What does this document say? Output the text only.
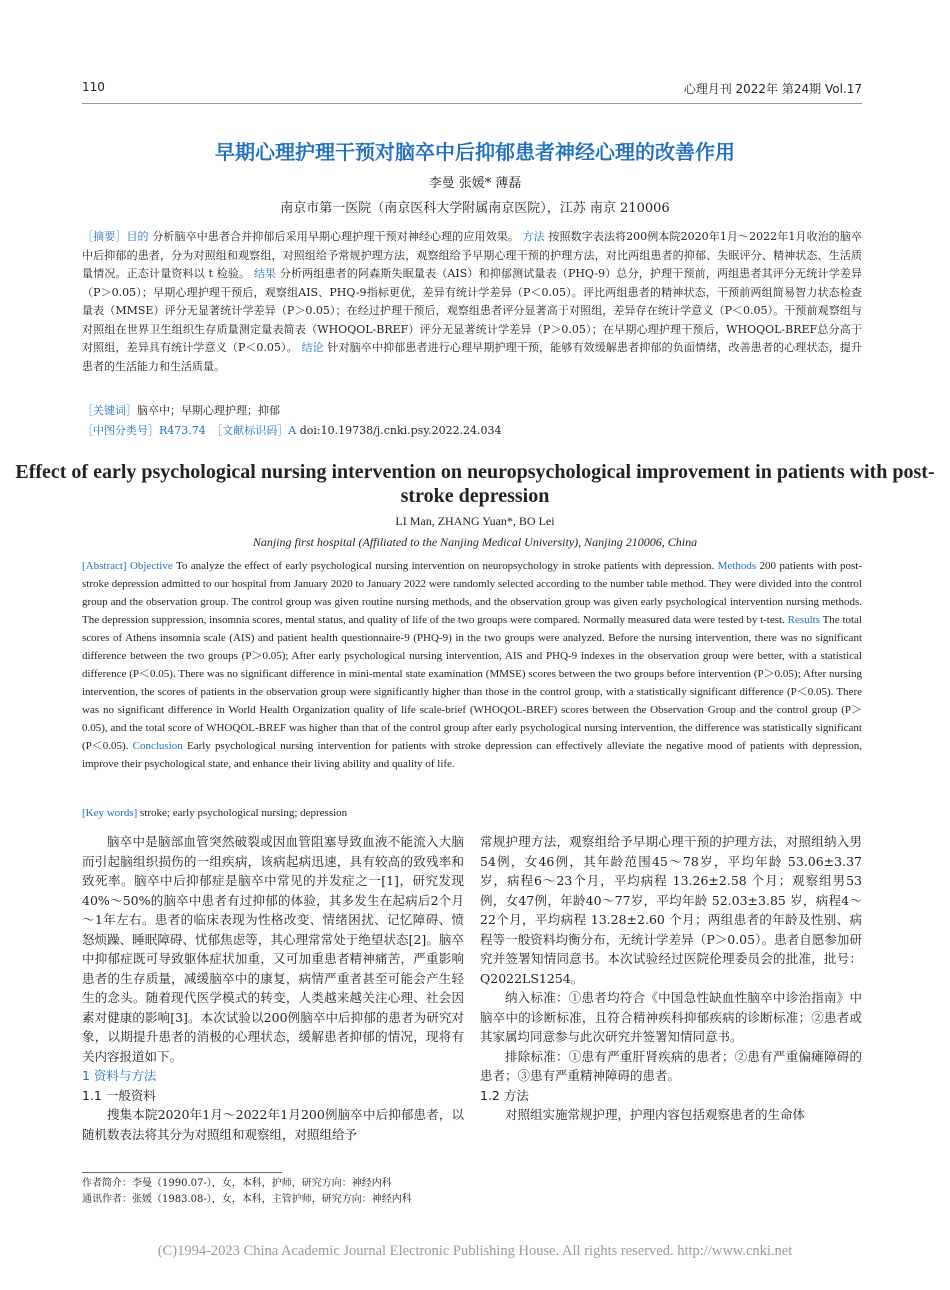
110	心理月刊 2022年 第24期 Vol.17
早期心理护理干预对脑卒中后抑郁患者神经心理的改善作用
李曼 张媛* 薄磊
南京市第一医院（南京医科大学附属南京医院），江苏 南京 210006
［摘要］目的 分析脑卒中患者合并抑郁后采用早期心理护理干预对神经心理的应用效果。 方法 按照数字表法将200例本院2020年1月～2022年1月收治的脑卒中后抑郁的患者，分为对照组和观察组，对照组给予常规护理方法，观察组给予早期心理干预的护理方法，对比两组患者的抑郁、失眠评分、精神状态、生活质量情况。正态计量资料以 t 检验。 结果 分析两组患者的阿森斯失眠量表（AIS）和抑郁测试量表（PHQ-9）总分，护理干预前，两组患者其评分无统计学差异（P＞0.05）；早期心理护理干预后，观察组AIS、PHQ-9指标更优，差异有统计学差异（P＜0.05）。评比两组患者的精神状态，干预前两组简易智力状态检查量表（MMSE）评分无显著统计学差异（P＞0.05）；在经过护理干预后，观察组患者评分显著高于对照组，差异存在统计学意义（P＜0.05）。干预前观察组与对照组在世界卫生组织生存质量测定量表简表（WHOQOL-BREF）评分无显著统计学差异（P＞0.05）；在早期心理护理干预后，WHOQOL-BREF总分高于对照组，差异具有统计学意义（P＜0.05）。 结论 针对脑卒中抑郁患者进行心理早期护理干预，能够有效缓解患者抑郁的负面情绪，改善患者的心理状态，提升患者的生活能力和生活质量。
［关键词］脑卒中；早期心理护理；抑郁
［中图分类号］R473.74　［文献标识码］A doi:10.19738/j.cnki.psy.2022.24.034
Effect of early psychological nursing intervention on neuropsychological improvement in patients with post-stroke depression
LI Man, ZHANG Yuan*, BO Lei
Nanjing first hospital (Affiliated to the Nanjing Medical University), Nanjing 210006, China
[Abstract] Objective To analyze the effect of early psychological nursing intervention on neuropsychology in stroke patients with depression. Methods 200 patients with post-stroke depression admitted to our hospital from January 2020 to January 2022 were randomly selected according to the number table method. They were divided into the control group and the observation group. The control group was given routine nursing methods, and the observation group was given early psychological intervention nursing methods. The depression suppression, insomnia scores, mental status, and quality of life of the two groups were compared. Normally measured data were tested by t-test. Results The total scores of Athens insomnia scale (AIS) and patient health questionnaire-9 (PHQ-9) in the two groups were analyzed. Before the nursing intervention, there was no significant difference between the two groups (P＞0.05); After early psychological nursing intervention, AIS and PHQ-9 indexes in the observation group were better, with a statistical difference (P＜0.05). There was no significant difference in mini-mental state examination (MMSE) scores between the two groups before intervention (P＞0.05); After nursing intervention, the scores of patients in the observation group were significantly higher than those in the control group, with a statistically significant difference (P＜0.05). There was no significant difference in World Health Organization quality of life scale-brief (WHOQOL-BREF) scores between the Observation Group and the control group (P＞0.05), and the total score of WHOQOL-BREF was higher than that of the control group after early psychological nursing intervention, the difference was statistically significant (P＜0.05). Conclusion Early psychological nursing intervention for patients with stroke depression can effectively alleviate the negative mood of patients with depression, improve their psychological state, and enhance their living ability and quality of life.
[Key words] stroke; early psychological nursing; depression

脑卒中是脑部血管突然破裂或因血管阻塞导致血液不能流入大脑而引起脑组织损伤的一组疾病，该病起病迅速，具有较高的致残率和致死率。脑卒中后抑郁症是脑卒中常见的并发症之一[1]，研究发现40%～50%的脑卒中患者有过抑郁的体验，其多发生在起病后2个月～1年左右。患者的临床表现为性格改变、情绪困扰、记忆障碍、愤怒烦躁、睡眠障碍、忧郁焦虑等，其心理常常处于绝望状态[2]。脑卒中抑郁症既可导致躯体症状加重，又可加重患者精神痛苦，严重影响患者的生存质量，减缓脑卒中的康复，病情严重者甚至可能会产生轻生的念头。随着现代医学模式的转变，人类越来越关注心理、社会因素对健康的影响[3]。本次试验以200例脑卒中后抑郁的患者为研究对象，以期提升患者的消极的心理状态，缓解患者抑郁的情况，现将有关内容报道如下。

1 资料与方法
1.1 一般资料

搜集本院2020年1月～2022年1月200例脑卒中后抑郁患者，以随机数表法将其分为对照组和观察组，对照组给予

常规护理方法，观察组给予早期心理干预的护理方法，对照组纳入男54例，女46例，其年龄范围45～78岁，平均年龄 53.06±3.37 岁，病程6～23个月，平均病程 13.26±2.58 个月；观察组男53例，女47例，年龄40～77岁，平均年龄 52.03±3.85 岁，病程4～22个月，平均病程 13.28±2.60 个月；两组患者的年龄及性别、病程等一般资料均衡分布，无统计学差异（P＞0.05）。患者自愿参加研究并签署知情同意书。本次试验经过医院伦理委员会的批准，批号：Q2022LS1254。

纳入标准：①患者均符合《中国急性缺血性脑卒中诊治指南》中脑卒中的诊断标准，且符合精神疾科抑郁疾病的诊断标准；②患者或其家属均同意参与此次研究并签署知情同意书。

排除标准：①患有严重肝肾疾病的患者；②患有严重偏瘫障碍的患者；③患有严重精神障碍的患者。

1.2 方法

对照组实施常规护理，护理内容包括观察患者的生命体

作者简介：李曼（1990.07-），女，本科，护师，研究方向：神经内科
通讯作者：张媛（1983.08-），女，本科，主管护师，研究方向：神经内科
(C)1994-2023 China Academic Journal Electronic Publishing House. All rights reserved. http://www.cnki.net
